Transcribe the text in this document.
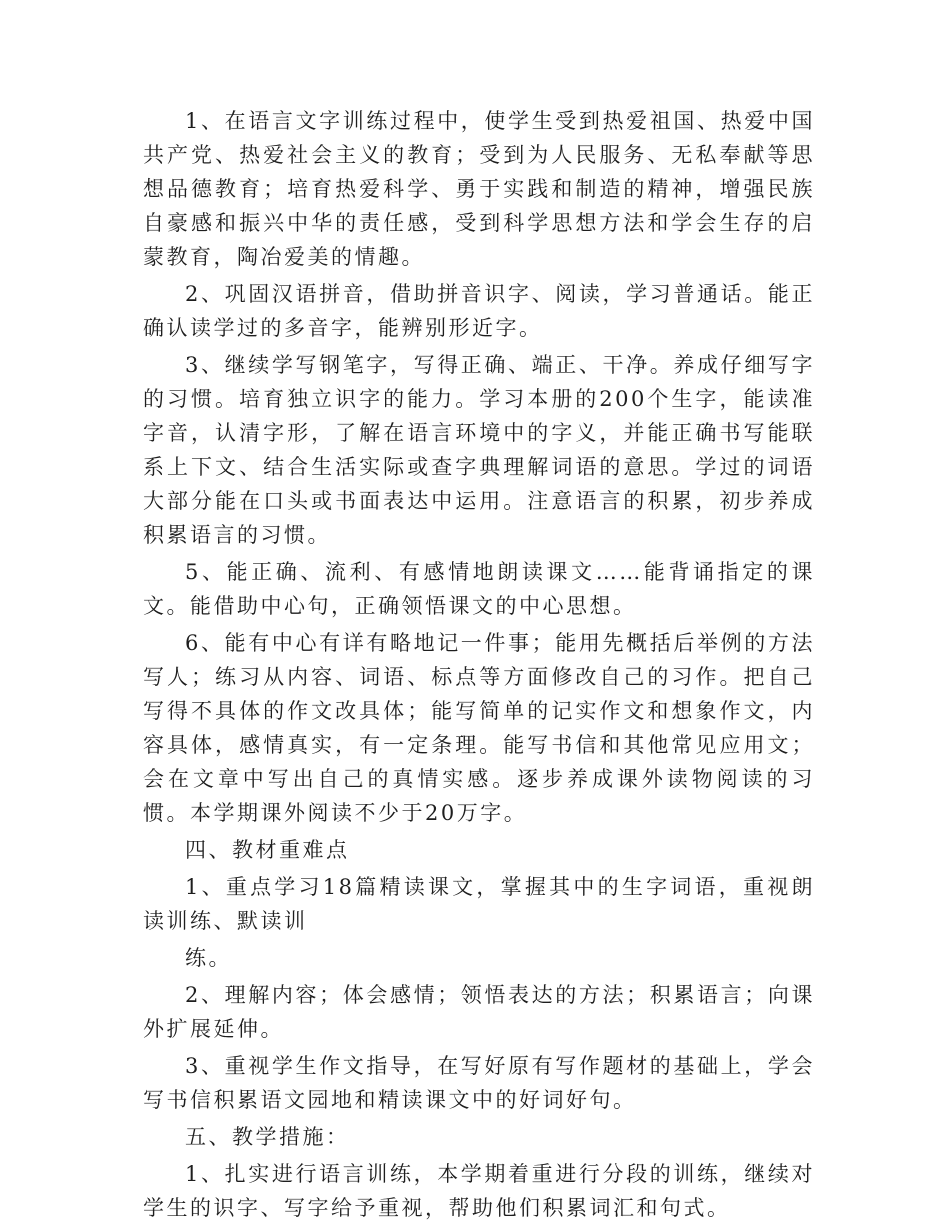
1、在语言文字训练过程中，使学生受到热爱祖国、热爱中国共产党、热爱社会主义的教育；受到为人民服务、无私奉献等思想品德教育；培育热爱科学、勇于实践和制造的精神，增强民族自豪感和振兴中华的责任感，受到科学思想方法和学会生存的启蒙教育，陶冶爱美的情趣。

2、巩固汉语拼音，借助拼音识字、阅读，学习普通话。能正确认读学过的多音字，能辨别形近字。

3、继续学写钢笔字，写得正确、端正、干净。养成仔细写字的习惯。培育独立识字的能力。学习本册的200个生字，能读准字音，认清字形，了解在语言环境中的字义，并能正确书写能联系上下文、结合生活实际或查字典理解词语的意思。学过的词语大部分能在口头或书面表达中运用。注意语言的积累，初步养成积累语言的习惯。

5、能正确、流利、有感情地朗读课文……能背诵指定的课文。能借助中心句，正确领悟课文的中心思想。

6、能有中心有详有略地记一件事；能用先概括后举例的方法写人；练习从内容、词语、标点等方面修改自己的习作。把自己写得不具体的作文改具体；能写简单的记实作文和想象作文，内容具体，感情真实，有一定条理。能写书信和其他常见应用文；会在文章中写出自己的真情实感。逐步养成课外读物阅读的习惯。本学期课外阅读不少于20万字。

四、教材重难点

1、重点学习18篇精读课文，掌握其中的生字词语，重视朗读训练、默读训

练。

2、理解内容；体会感情；领悟表达的方法；积累语言；向课外扩展延伸。

3、重视学生作文指导，在写好原有写作题材的基础上，学会写书信积累语文园地和精读课文中的好词好句。

五、教学措施：

1、扎实进行语言训练，本学期着重进行分段的训练，继续对学生的识字、写字给予重视，帮助他们积累词汇和句式。
